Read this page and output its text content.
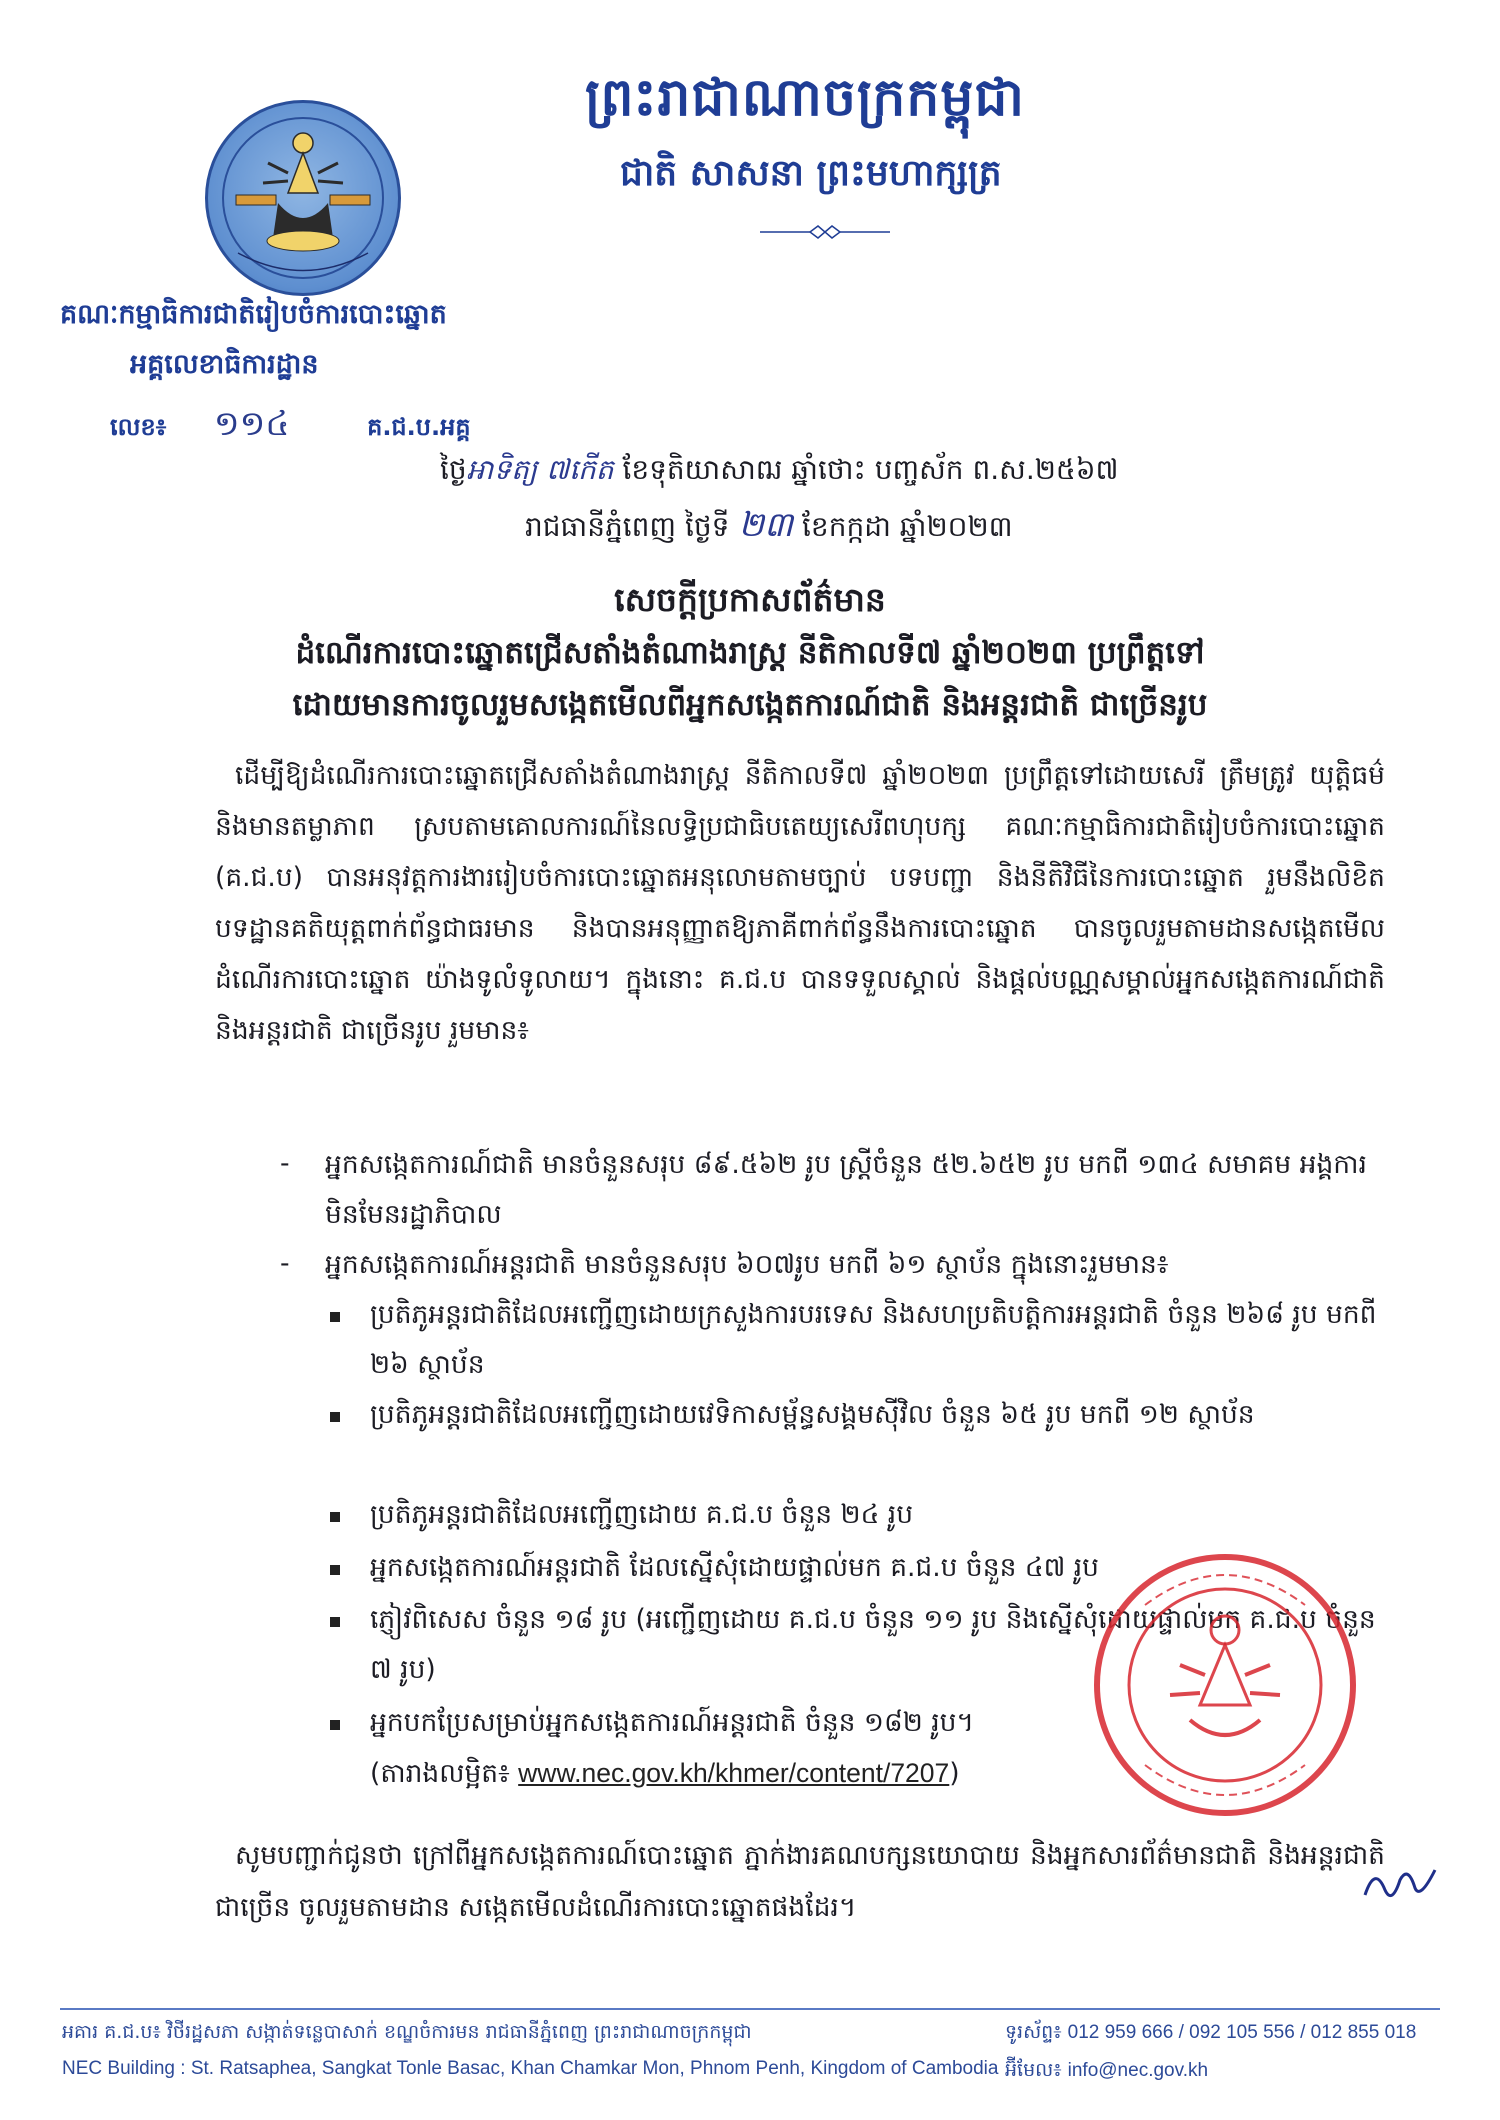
ព្រះរាជាណាចក្រកម្ពុជា
ជាតិ សាសនា ព្រះមហាក្សត្រ
គណៈកម្មាធិការជាតិរៀបចំការបោះឆ្នោត
អគ្គលេខាធិការដ្ឋាន
លេខ៖ ១១៤	គ.ជ.ប.អគ្គ
ថ្ងៃអាទិត្យ ៧កើត ខែទុតិយាសាឍ ឆ្នាំថោះ បញ្ចស័ក ព.ស.២៥៦៧
រាជធានីភ្នំពេញ ថ្ងៃទី ២៣ ខែកក្កដា ឆ្នាំ២០២៣
សេចក្តីប្រកាសព័ត៌មាន
ដំណើរការបោះឆ្នោតជ្រើសតាំងតំណាងរាស្ត្រ នីតិកាលទី៧ ឆ្នាំ២០២៣ ប្រព្រឹត្តទៅ
ដោយមានការចូលរួមសង្កេតមើលពីអ្នកសង្កេតការណ៍ជាតិ និងអន្តរជាតិ ជាច្រើនរូប
ដើម្បីឱ្យដំណើរការបោះឆ្នោតជ្រើសតាំងតំណាងរាស្ត្រ នីតិកាលទី៧ ឆ្នាំ២០២៣ ប្រព្រឹត្តទៅដោយសេរី ត្រឹមត្រូវ យុត្តិធម៌ និងមានតម្លាភាព ស្របតាមគោលការណ៍នៃលទ្ធិប្រជាធិបតេយ្យសេរីពហុបក្ស គណៈកម្មាធិការជាតិរៀបចំការបោះឆ្នោត (គ.ជ.ប) បានអនុវត្តការងាររៀបចំការបោះឆ្នោតអនុលោមតាមច្បាប់ បទបញ្ជា និងនីតិវិធីនៃការបោះឆ្នោត រួមនឹងលិខិតបទដ្ឋានគតិយុត្តពាក់ព័ន្ធជាធរមាន និងបានអនុញ្ញាតឱ្យភាគីពាក់ព័ន្ធនឹងការបោះឆ្នោត បានចូលរួមតាមដានសង្កេតមើលដំណើរការបោះឆ្នោត យ៉ាងទូលំទូលាយ។ ក្នុងនោះ គ.ជ.ប បានទទួលស្គាល់ និងផ្តល់បណ្ណសម្គាល់អ្នកសង្កេតការណ៍ជាតិ និងអន្តរជាតិ ជាច្រើនរូប រួមមាន៖
- អ្នកសង្កេតការណ៍ជាតិ មានចំនួនសរុប ៨៩.៥៦២ រូប ស្ត្រីចំនួន ៥២.៦៥២ រូប មកពី ១៣៤ សមាគម អង្គការមិនមែនរដ្ឋាភិបាល
- អ្នកសង្កេតការណ៍អន្តរជាតិ មានចំនួនសរុប ៦០៧រូប មកពី ៦១ ស្ថាប័ន ក្នុងនោះរួមមាន៖
ប្រតិភូអន្តរជាតិដែលអញ្ជើញដោយក្រសួងការបរទេស និងសហប្រតិបត្តិការអន្តរជាតិ ចំនួន ២៦៨ រូប មកពី ២៦ ស្ថាប័ន
ប្រតិភូអន្តរជាតិដែលអញ្ជើញដោយវេទិកាសម្ព័ន្ធសង្គមស៊ីវិល ចំនួន ៦៥ រូប មកពី ១២ ស្ថាប័ន
ប្រតិភូអន្តរជាតិដែលអញ្ជើញដោយ គ.ជ.ប ចំនួន ២៤ រូប
អ្នកសង្កេតការណ៍អន្តរជាតិ ដែលស្នើសុំដោយផ្ទាល់មក គ.ជ.ប ចំនួន ៤៧ រូប
ភ្ញៀវពិសេស ចំនួន ១៨ រូប (អញ្ជើញដោយ គ.ជ.ប ចំនួន ១១ រូប និងស្នើសុំដោយផ្ទាល់មក គ.ជ.ប ចំនួន ៧ រូប)
អ្នកបកប្រែសម្រាប់អ្នកសង្កេតការណ៍អន្តរជាតិ ចំនួន ១៨២ រូប។
(តារាងលម្អិត៖ www.nec.gov.kh/khmer/content/7207)
សូមបញ្ជាក់ជូនថា ក្រៅពីអ្នកសង្កេតការណ៍បោះឆ្នោត ភ្នាក់ងារគណបក្សនយោបាយ និងអ្នកសារព័ត៌មានជាតិ និងអន្តរជាតិជាច្រើន ចូលរួមតាមដាន សង្កេតមើលដំណើរការបោះឆ្នោតផងដែរ។
អគារ គ.ជ.ប៖ វិថីរដ្ឋសភា សង្កាត់ទន្លេបាសាក់ ខណ្ឌចំការមន រាជធានីភ្នំពេញ ព្រះរាជាណាចក្រកម្ពុជា
NEC Building : St. Ratsaphea, Sangkat Tonle Basac, Khan Chamkar Mon, Phnom Penh, Kingdom of Cambodia
ទូរស័ព្ទ៖ 012 959 666 / 092 105 556 / 012 855 018
អ៊ីមែល៖ info@nec.gov.kh
